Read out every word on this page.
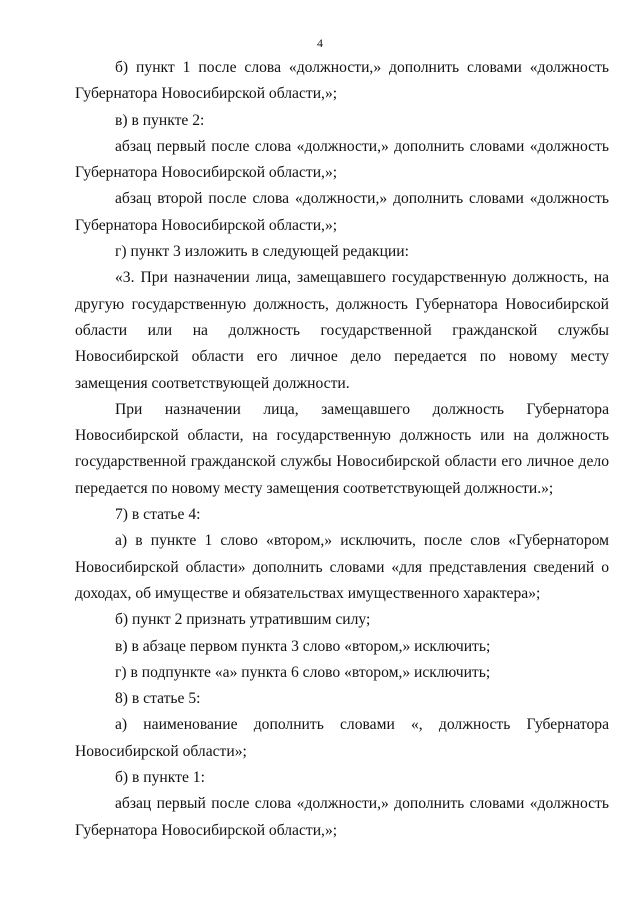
4

б) пункт 1 после слова «должности,» дополнить словами «должность Губернатора Новосибирской области,»;

в) в пункте 2:

абзац первый после слова «должности,» дополнить словами «должность Губернатора Новосибирской области,»;

абзац второй после слова «должности,» дополнить словами «должность Губернатора Новосибирской области,»;

г) пункт 3 изложить в следующей редакции:

«3. При назначении лица, замещавшего государственную должность, на другую государственную должность, должность Губернатора Новосибирской области или на должность государственной гражданской службы Новосибирской области его личное дело передается по новому месту замещения соответствующей должности.

При назначении лица, замещавшего должность Губернатора Новосибирской области, на государственную должность или на должность государственной гражданской службы Новосибирской области его личное дело передается по новому месту замещения соответствующей должности.»;

7) в статье 4:

а) в пункте 1 слово «втором,» исключить, после слов «Губернатором Новосибирской области» дополнить словами «для представления сведений о доходах, об имуществе и обязательствах имущественного характера»;

б) пункт 2 признать утратившим силу;

в) в абзаце первом пункта 3 слово «втором,» исключить;

г) в подпункте «а» пункта 6 слово «втором,» исключить;

8) в статье 5:

а) наименование дополнить словами «, должность Губернатора Новосибирской области»;

б) в пункте 1:

абзац первый после слова «должности,» дополнить словами «должность Губернатора Новосибирской области,»;
